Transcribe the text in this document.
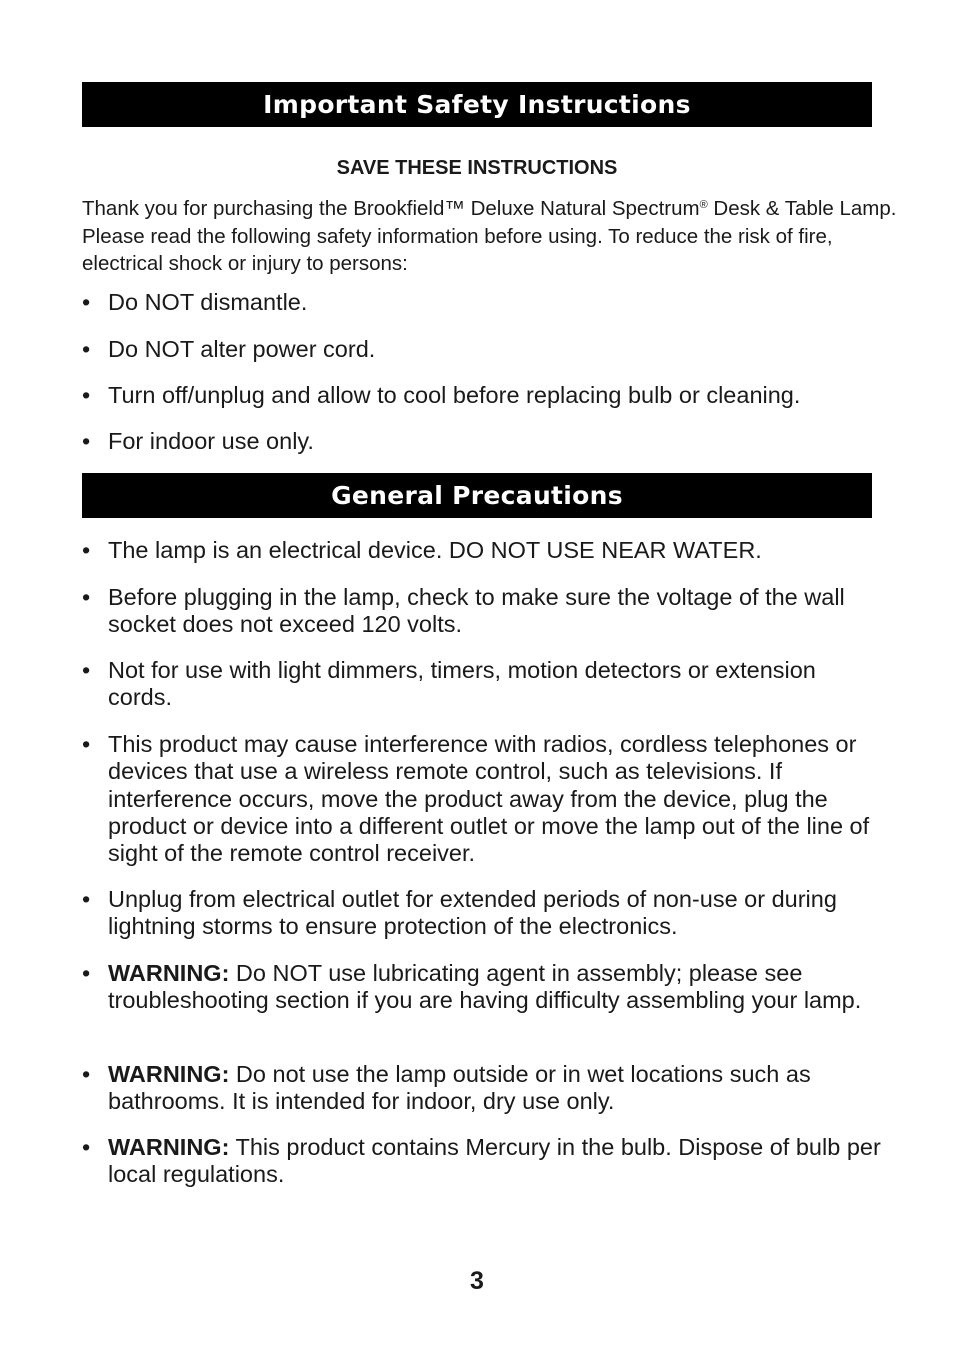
Important Safety Instructions
SAVE THESE INSTRUCTIONS
Thank you for purchasing the Brookfield™ Deluxe Natural Spectrum® Desk & Table Lamp. Please read the following safety information before using. To reduce the risk of fire, electrical shock or injury to persons:
• Do NOT dismantle.
• Do NOT alter power cord.
• Turn off/unplug and allow to cool before replacing bulb or cleaning.
• For indoor use only.
General Precautions
• The lamp is an electrical device. DO NOT USE NEAR WATER.
• Before plugging in the lamp, check to make sure the voltage of the wall socket does not exceed 120 volts.
• Not for use with light dimmers, timers, motion detectors or extension cords.
• This product may cause interference with radios, cordless telephones or devices that use a wireless remote control, such as televisions. If interference occurs, move the product away from the device, plug the product or device into a different outlet or move the lamp out of the line of sight of the remote control receiver.
• Unplug from electrical outlet for extended periods of non-use or during lightning storms to ensure protection of the electronics.
• WARNING: Do NOT use lubricating agent in assembly; please see troubleshooting section if you are having difficulty assembling your lamp.
• WARNING: Do not use the lamp outside or in wet locations such as bathrooms. It is intended for indoor, dry use only.
• WARNING: This product contains Mercury in the bulb. Dispose of bulb per local regulations.
3
